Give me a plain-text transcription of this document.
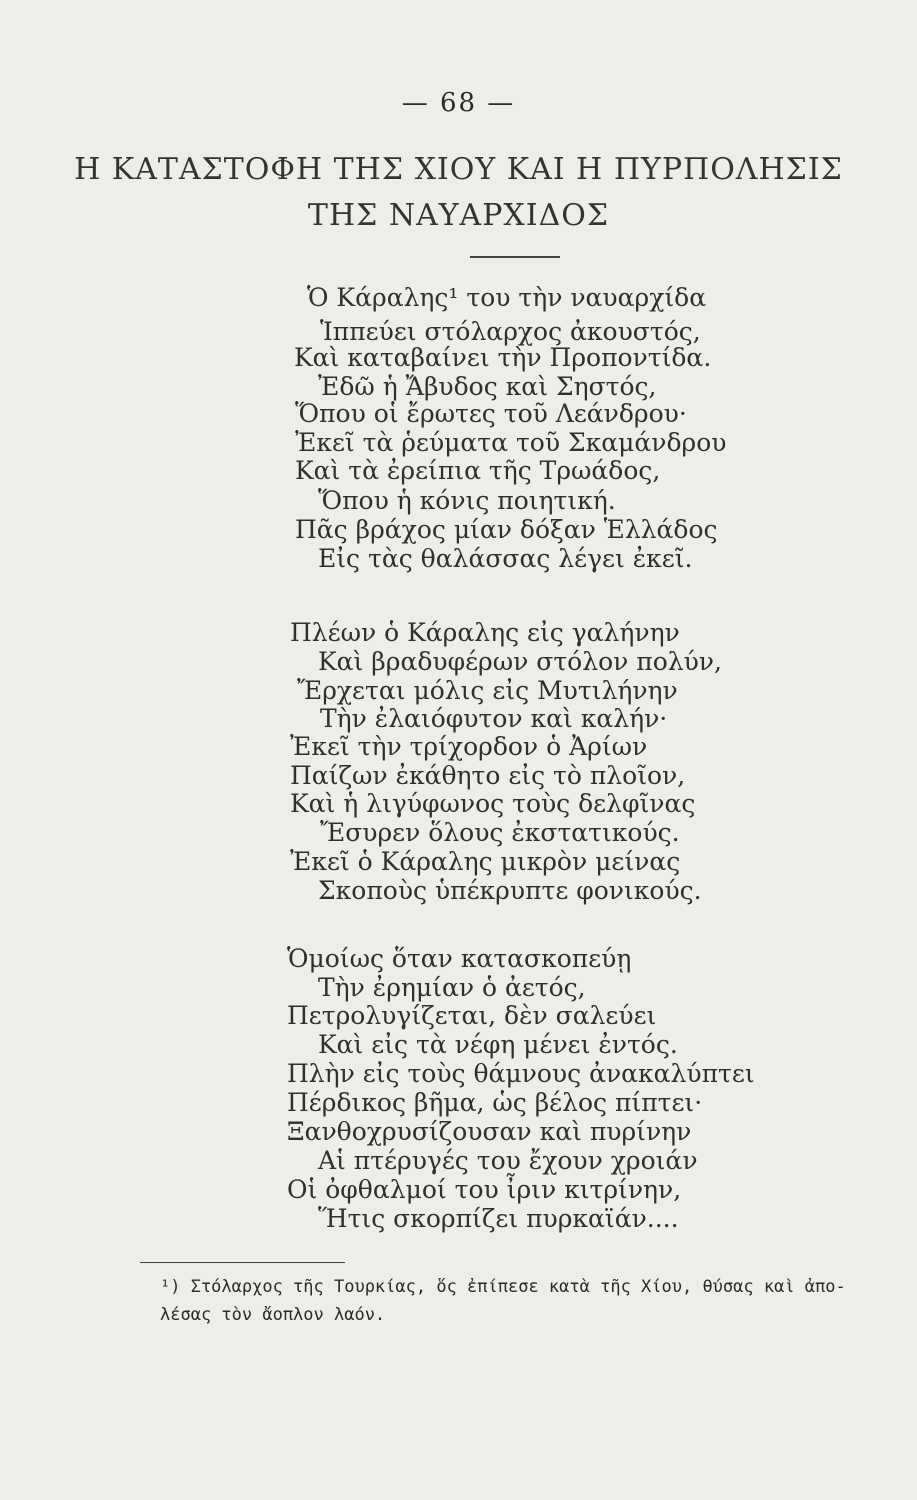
— 68 —
Η ΚΑΤΑΣΤΟΦΗ ΤΗΣ ΧΙΟΥ ΚΑΙ Η ΠΥΡΠΟΛΗΣΙΣ
ΤΗΣ ΝΑΥΑΡΧΙΔΟΣ
Ὁ Κάραλης¹ του τὴν ναυαρχίδα
Ἱππεύει στόλαρχος ἀκουστός,
Καὶ καταβαίνει τὴν Προποντίδα.
Ἐδῶ ἡ Ἄβυδος καὶ Σηστός,
Ὅπου οἱ ἔρωτες τοῦ Λεάνδρου·
Ἐκεῖ τὰ ῥεύματα τοῦ Σκαμάνδρου
Καὶ τὰ ἐρείπια τῆς Τρωάδος,
Ὅπου ἡ κόνις ποιητική.
Πᾶς βράχος μίαν δόξαν Ἑλλάδος
Εἰς τὰς θαλάσσας λέγει ἐκεῖ.
Πλέων ὁ Κάραλης εἰς γαλήνην
Καὶ βραδυφέρων στόλον πολύν,
Ἔρχεται μόλις εἰς Μυτιλήνην
Τὴν ἐλαιόφυτον καὶ καλήν·
Ἐκεῖ τὴν τρίχορδον ὁ Ἀρίων
Παίζων ἐκάθητο εἰς τὸ πλοῖον,
Καὶ ἡ λιγύφωνος τοὺς δελφῖνας
Ἔσυρεν ὅλους ἐκστατικούς.
Ἐκεῖ ὁ Κάραλης μικρὸν μείνας
Σκοποὺς ὑπέκρυπτε φονικούς.
Ὁμοίως ὅταν κατασκοπεύῃ
Τὴν ἐρημίαν ὁ ἀετός,
Πετρολυγίζεται, δὲν σαλεύει
Καὶ εἰς τὰ νέφη μένει ἐντός.
Πλὴν εἰς τοὺς θάμνους ἀνακαλύπτει
Πέρδικος βῆμα, ὡς βέλος πίπτει·
Ξανθοχρυσίζουσαν καὶ πυρίνην
Αἱ πτέρυγές του ἔχουν χροιάν
Οἱ ὀφθαλμοί του ἶριν κιτρίνην,
Ἥτις σκορπίζει πυρκαϊάν....
¹) Στόλαρχος τῆς Τουρκίας, ὅς ἐπίπεσε κατὰ τῆς Χίου, θύσας καὶ ἀπο-
λέσας τὸν ἄοπλον λαόν.
